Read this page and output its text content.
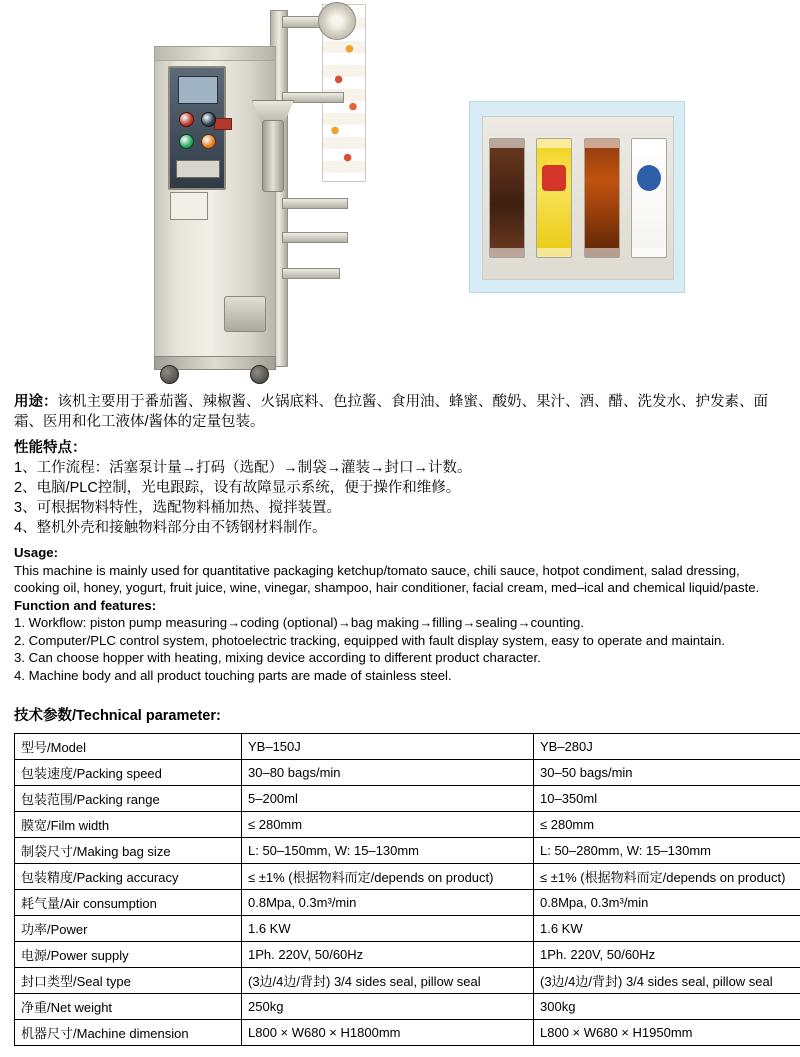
用途：该机主要用于番茄酱、辣椒酱、火锅底料、色拉酱、食用油、蜂蜜、酸奶、果汁、酒、醋、洗发水、护发素、面霜、医用和化工液体/酱体的定量包装。

性能特点：

1、工作流程：活塞泵计量→打码（选配）→制袋→灌装→封口→计数。

2、电脑/PLC控制，光电跟踪，设有故障显示系统，便于操作和维修。

3、可根据物料特性，选配物料桶加热、搅拌装置。

4、整机外壳和接触物料部分由不锈钢材料制作。

Usage:

This machine is mainly used for quantitative packaging ketchup/tomato sauce, chili sauce, hotpot condiment, salad dressing, cooking oil, honey, yogurt, fruit juice, wine, vinegar, shampoo, hair conditioner, facial cream, med–ical and chemical liquid/paste.

Function and features:

1. Workflow: piston pump measuring→coding (optional)→bag making→filling→sealing→counting.

2. Computer/PLC control system, photoelectric tracking, equipped with fault display system, easy to operate and maintain.

3. Can choose hopper with heating, mixing device according to different product character.

4. Machine body and all product touching parts are made of stainless steel.

技术参数/Technical parameter:

型号/Model	YB–150J	YB–280J
包装速度/Packing speed	30–80 bags/min	30–50 bags/min
包装范围/Packing range	5–200ml	10–350ml
膜宽/Film width	≤ 280mm	≤ 280mm
制袋尺寸/Making bag size	L: 50–150mm, W: 15–130mm	L: 50–280mm, W: 15–130mm
包装精度/Packing accuracy	≤ ±1% (根据物料而定/depends on product)	≤ ±1% (根据物料而定/depends on product)
耗气量/Air consumption	0.8Mpa, 0.3m³/min	0.8Mpa, 0.3m³/min
功率/Power	1.6 KW	1.6 KW
电源/Power supply	1Ph. 220V, 50/60Hz	1Ph. 220V, 50/60Hz
封口类型/Seal type	(3边/4边/背封) 3/4 sides seal, pillow seal	(3边/4边/背封) 3/4 sides seal, pillow seal
净重/Net weight	250kg	300kg
机器尺寸/Machine dimension	L800 × W680 × H1800mm	L800 × W680 × H1950mm
